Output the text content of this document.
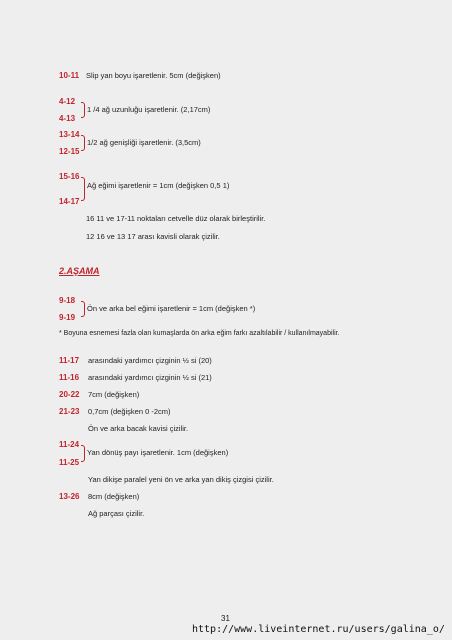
10-11 Slip yan boyu işaretlenir. 5cm (değişken)
4-12
4-13
1 /4 ağ uzunluğu işaretlenir. (2,17cm)
13-14
12-15
1/2 ağ genişliği işaretlenir. (3,5cm)
15-16
14-17
Ağ eğimi işaretlenir = 1cm (değişken 0,5 1)
16 11 ve 17-11 noktaları cetvelle düz olarak birleştirilir.
12 16 ve 13 17 arası kavisli olarak çizilir.
2.AŞAMA
9-18
9-19
Ön ve arka bel eğimi işaretlenir = 1cm (değişken *)
* Boyuna esnemesi fazla olan kumaşlarda ön arka eğim farkı azaltılabilir / kullanılmayabilir.
11-17 arasındaki yardımcı çizginin ½ si (20)
11-16 arasındaki yardımcı çizginin ½ si (21)
20-22 7cm (değişken)
21-23 0,7cm (değişken 0 -2cm)
Ön ve arka bacak kavisi çizilir.
11-24
11-25
Yan dönüş payı işaretlenir. 1cm (değişken)
Yan dikişe paralel yeni ön ve arka yan dikiş çizgisi çizilir.
13-26 8cm (değişken)
Ağ parçası çizilir.
31
http://www.liveinternet.ru/users/galina_o/
